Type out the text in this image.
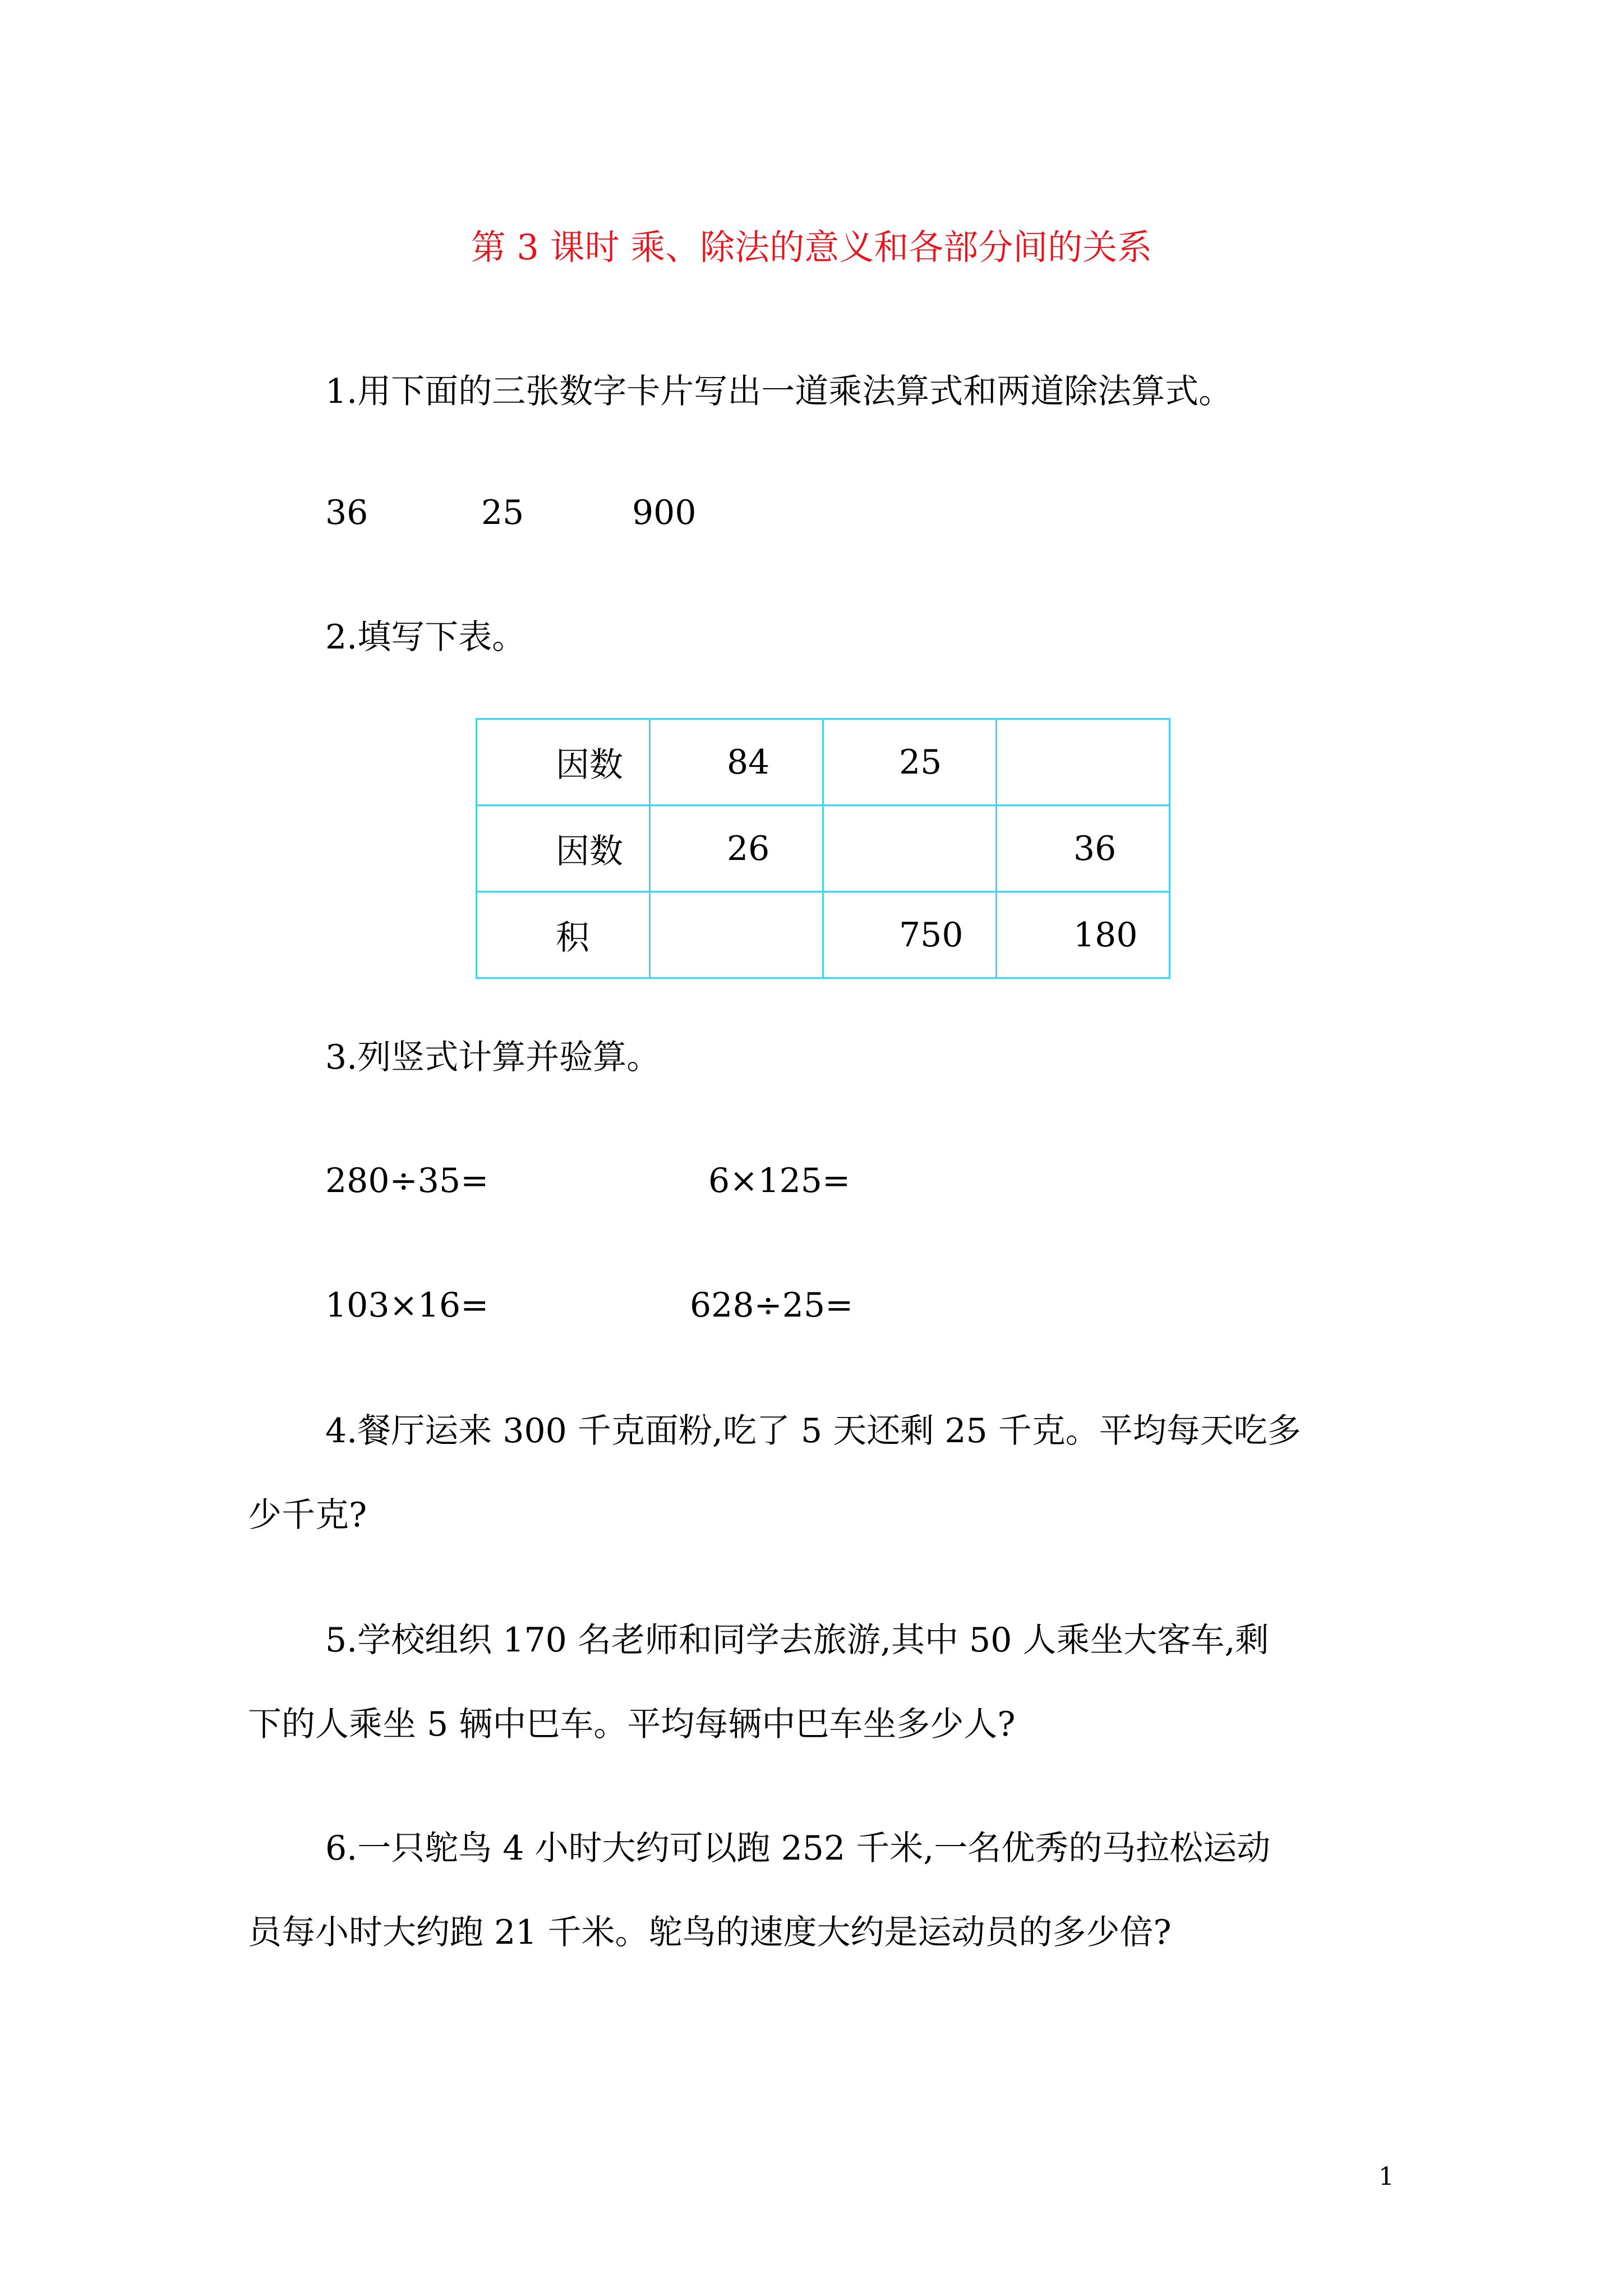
第 3 课时 乘、除法的意义和各部分间的关系
1.用下面的三张数字卡片写出一道乘法算式和两道除法算式。
36	25	900
2.填写下表。
因数	84	25	

因数	26		36

积		750	180
3.列竖式计算并验算。
280÷35=	6×125=
103×16=	628÷25=
4.餐厅运来 300 千克面粉,吃了 5 天还剩 25 千克。平均每天吃多
少千克?
5.学校组织 170 名老师和同学去旅游,其中 50 人乘坐大客车,剩
下的人乘坐 5 辆中巴车。平均每辆中巴车坐多少人?
6.一只鸵鸟 4 小时大约可以跑 252 千米,一名优秀的马拉松运动
员每小时大约跑 21 千米。鸵鸟的速度大约是运动员的多少倍?
1
